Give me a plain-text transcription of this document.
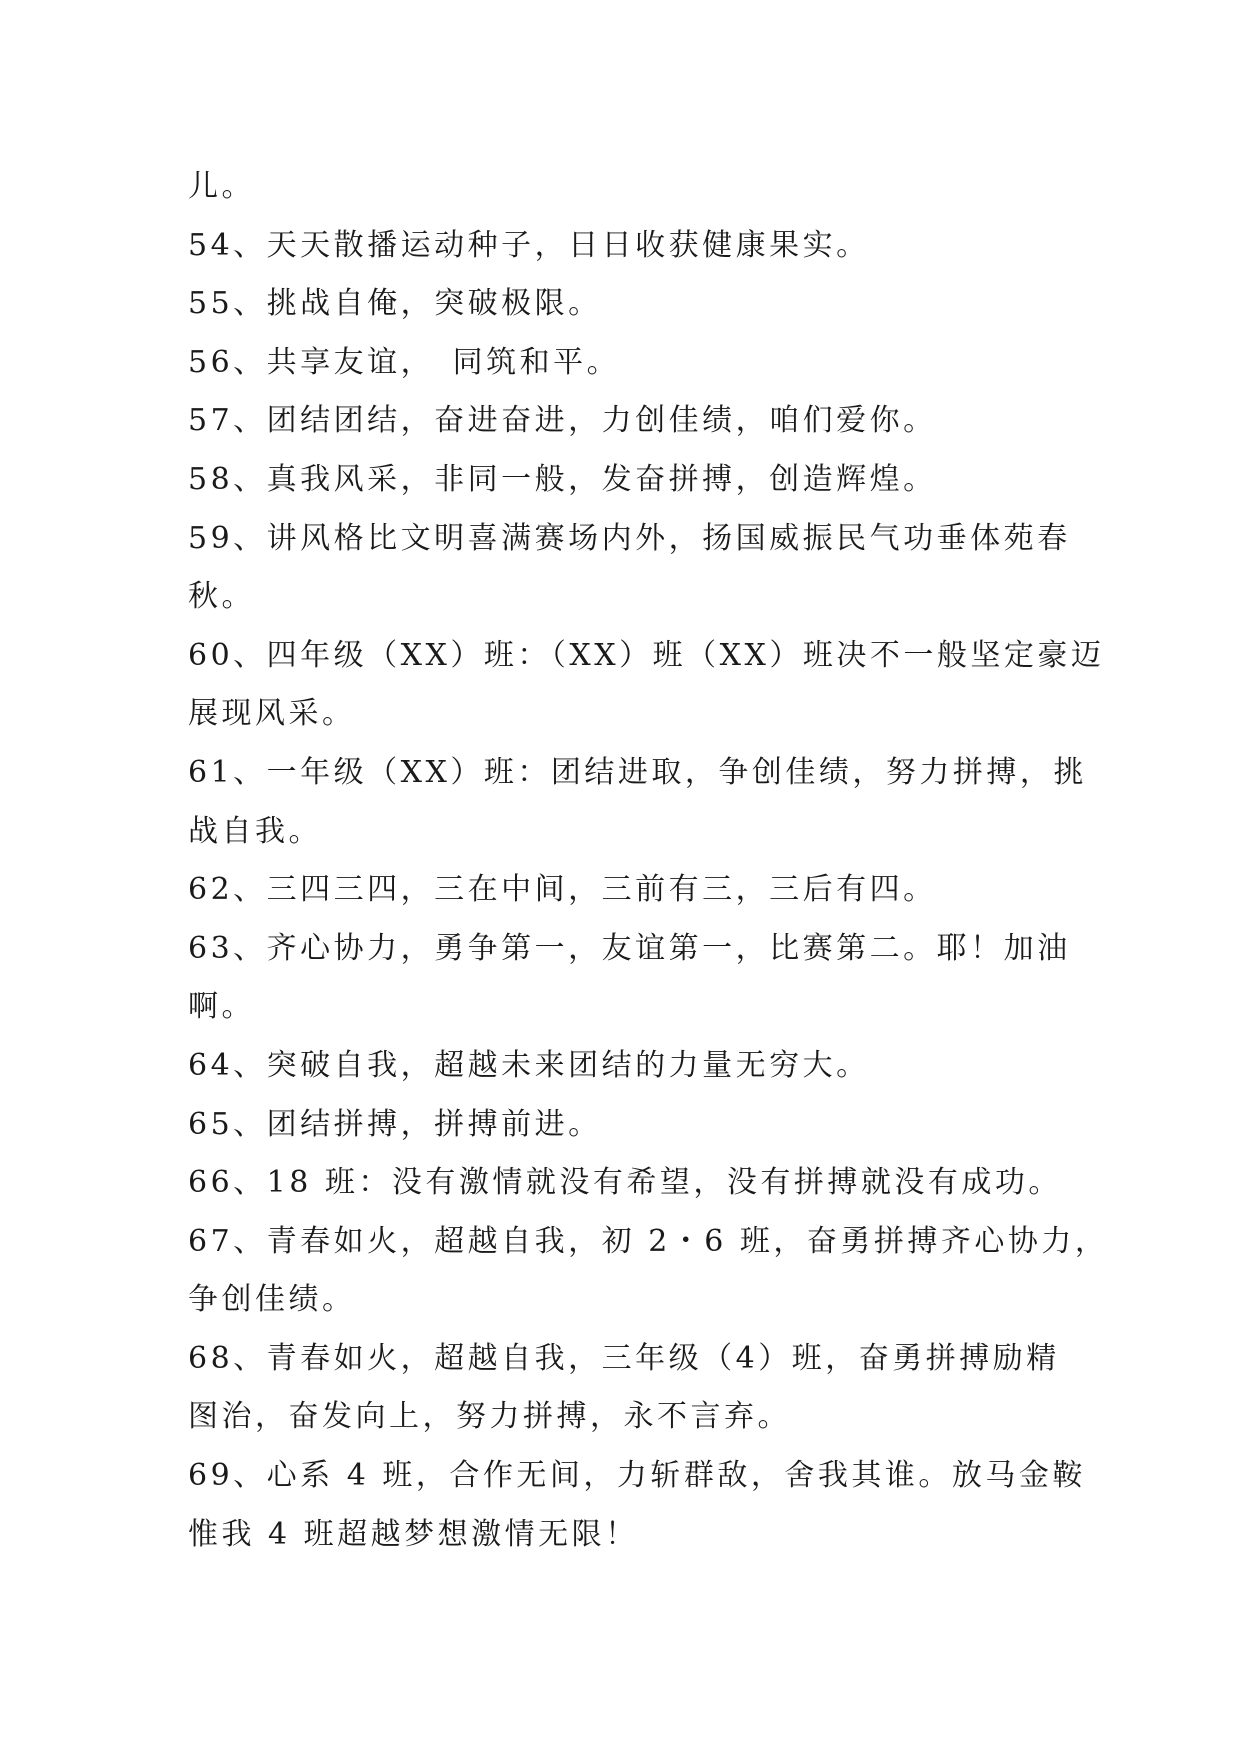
儿。
54、天天散播运动种子，日日收获健康果实。
55、挑战自俺，突破极限。
56、共享友谊，　同筑和平。
57、团结团结，奋进奋进，力创佳绩，咱们爱你。
58、真我风采，非同一般，发奋拼搏，创造辉煌。
59、讲风格比文明喜满赛场内外，扬国威振民气功垂体苑春
秋。
60、四年级（XX）班：（XX）班（XX）班决不一般坚定豪迈
展现风采。
61、一年级（XX）班：团结进取，争创佳绩，努力拼搏，挑
战自我。
62、三四三四，三在中间，三前有三，三后有四。
63、齐心协力，勇争第一，友谊第一，比赛第二。耶！加油
啊。
64、突破自我，超越未来团结的力量无穷大。
65、团结拼搏，拼搏前进。
66、18 班：没有激情就没有希望，没有拼搏就没有成功。
67、青春如火，超越自我，初 2・6 班，奋勇拼搏齐心协力，
争创佳绩。
68、青春如火，超越自我，三年级（4）班，奋勇拼搏励精
图治，奋发向上，努力拼搏，永不言弃。
69、心系 4 班，合作无间，力斩群敌，舍我其谁。放马金鞍
惟我 4 班超越梦想激情无限！
